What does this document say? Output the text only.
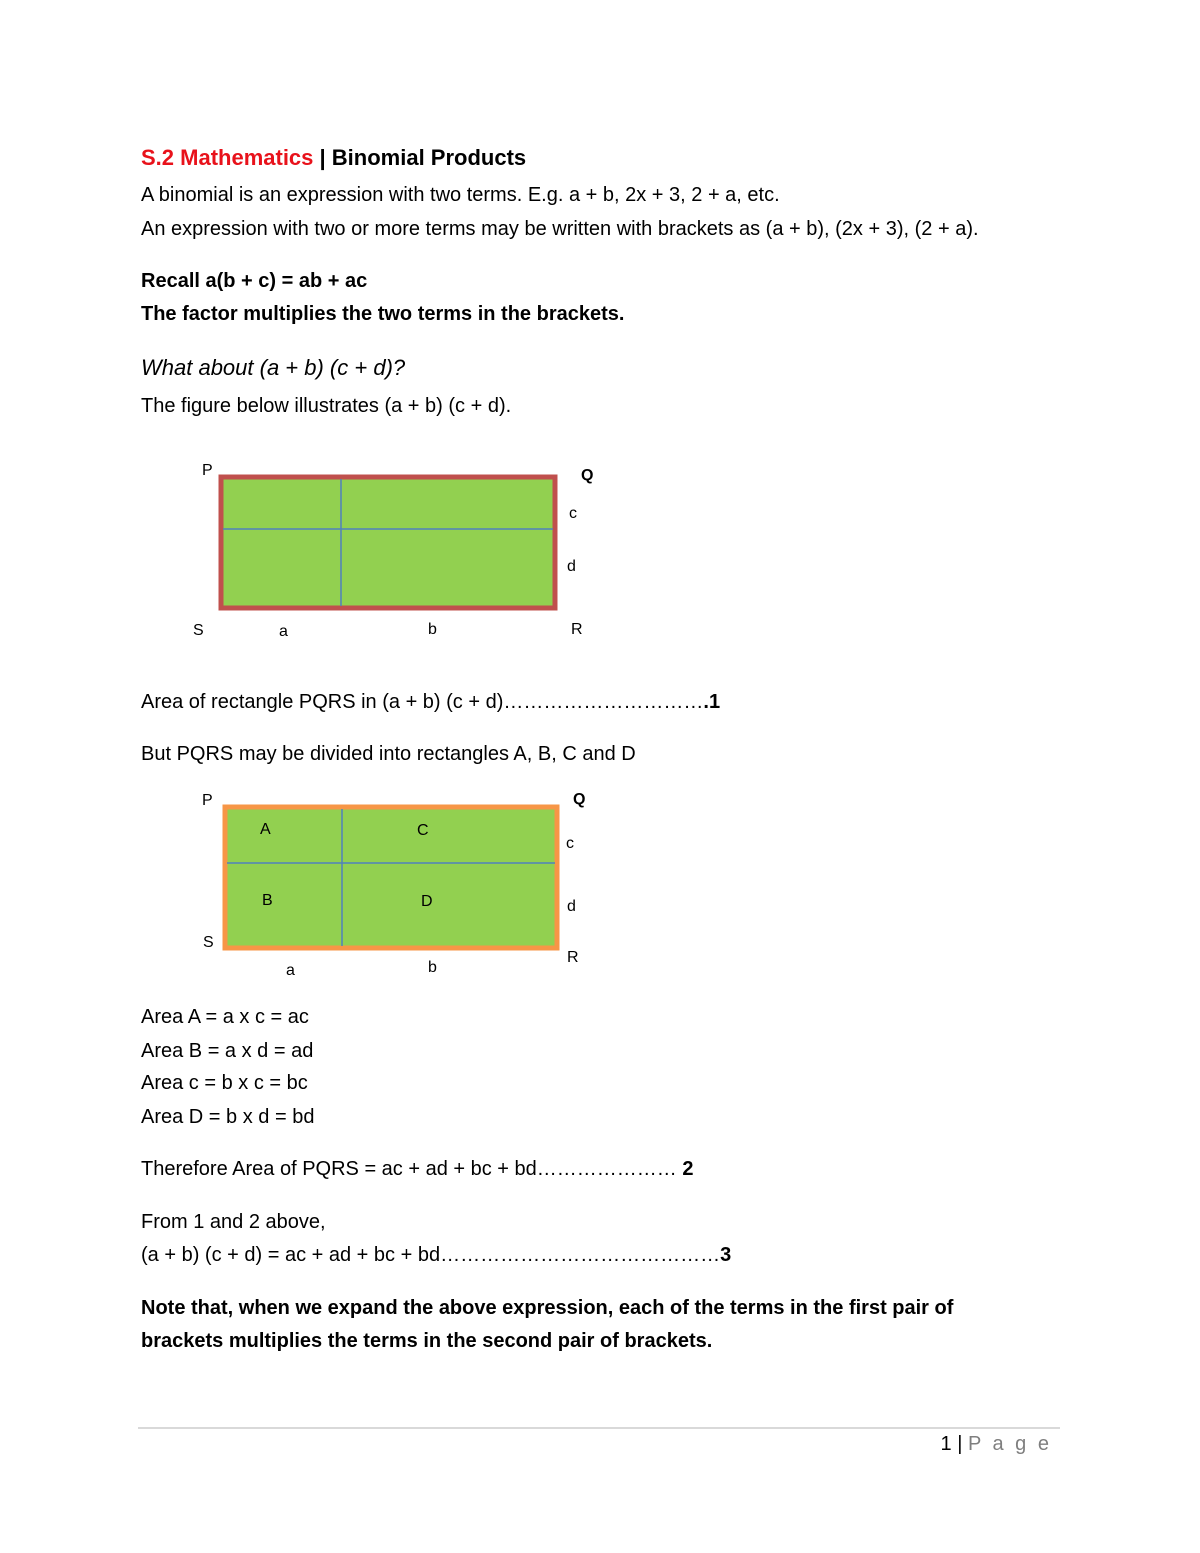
S.2 Mathematics | Binomial Products
A binomial is an expression with two terms. E.g. a + b, 2x + 3, 2 + a, etc.
An expression with two or more terms may be written with brackets as (a + b), (2x + 3), (2 + a).
Recall a(b + c) = ab + ac
The factor multiplies the two terms in the brackets.
What about (a + b) (c + d)?
The figure below illustrates (a + b) (c + d).
P	Q
c
d
S	a	b	R
Area of rectangle PQRS in (a + b) (c + d)………………………….1
But PQRS may be divided into rectangles A, B, C and D
P	Q
A	C
c
B	D	d
S
R
a	b
Area A = a x c = ac
Area B = a x d = ad
Area c = b x c = bc
Area D = b x d = bd
Therefore Area of PQRS = ac + ad + bc + bd………………… 2
From 1 and 2 above,
(a + b) (c + d) = ac + ad + bc + bd……………………………………3
Note that, when we expand the above expression, each of the terms in the first pair of
brackets multiplies the terms in the second pair of brackets.
1 | P a g e
